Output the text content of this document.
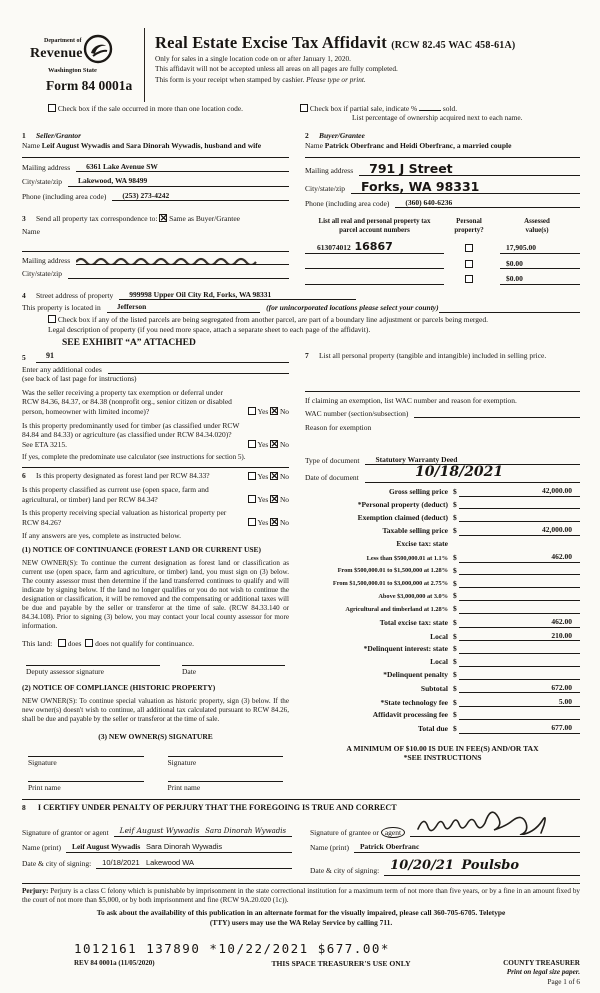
Department of
Revenue
Washington State
Form 84 0001a
Real Estate Excise Tax Affidavit (RCW 82.45 WAC 458-61A)
Only for sales in a single location code on or after January 1, 2020.
This affidavit will not be accepted unless all areas on all pages are fully completed.
This form is your receipt when stamped by cashier. Please type or print.
Check box if the sale occurred in more than one location code.	Check box if partial sale, indicate %	sold.
List percentage of ownership acquired next to each name.
1 Seller/Grantor
Name Leif August Wywadis and Sara Dinorah Wywadis, husband and wife
Mailing address	6361 Lake Avenue SW
City/state/zip	Lakewood, WA 98499
Phone (including area code)	(253) 273-4242
2 Buyer/Grantee
Name Patrick Oberfranc and Heidi Oberfranc, a married couple
Mailing address	791 J Street
City/state/zip	Forks, WA 98331
Phone (including area code)	(360) 640-6236
3 Send all property tax correspondence to: ✕ Same as Buyer/Grantee
Name
Mailing address
City/state/zip
List all real and personal property tax
parcel account numbers
Personal
property?
Assessed
value(s)
613074012 16867	17,905.00
$0.00
$0.00
4	Street address of property	999998 Upper Oil City Rd, Forks, WA 98331
This property is located in	Jefferson	(for unincorporated locations please select your county)
Check box if any of the listed parcels are being segregated from another parcel, are part of a boundary line adjustment or parcels being merged.
Legal description of property (if you need more space, attach a separate sheet to each page of the affidavit).
SEE EXHIBIT “A” ATTACHED
5	91
Enter any additional codes
(see back of last page for instructions)
Was the seller receiving a property tax exemption or deferral under RCW 84.36, 84.37, or 84.38 (nonprofit org., senior citizen or disabled person, homeowner with limited income)?	Yes ✕ No
Is this property predominantly used for timber (as classified under RCW 84.84 and 84.33) or agriculture (as classified under RCW 84.34.020)? See ETA 3215.	Yes ✕ No
If yes, complete the predominate use calculator (see instructions for section 5).
6 Is this property designated as forest land per RCW 84.33?	Yes ✕ No
Is this property classified as current use (open space, farm and agricultural, or timber) land per RCW 84.34?	Yes ✕ No
Is this property receiving special valuation as historical property per RCW 84.26?	Yes ✕ No
If any answers are yes, complete as instructed below.
(1) NOTICE OF CONTINUANCE (FOREST LAND OR CURRENT USE)
NEW OWNER(S): To continue the current designation as forest land or classification as current use (open space, farm and agriculture, or timber) land, you must sign on (3) below. The county assessor must then determine if the land transferred continues to qualify and will indicate by signing below. If the land no longer qualifies or you do not wish to continue the designation or classification, it will be removed and the compensating or additional taxes will be due and payable by the seller or transferor at the time of sale. (RCW 84.33.140 or 84.34.108). Prior to signing (3) below, you may contact your local county assessor for more information.
This land: does does not qualify for continuance.
Deputy assessor signature	Date
(2) NOTICE OF COMPLIANCE (HISTORIC PROPERTY)
NEW OWNER(S): To continue special valuation as historic property, sign (3) below. If the new owner(s) doesn't wish to continue, all additional tax calculated pursuant to RCW 84.26, shall be due and payable by the seller or transferor at the time of sale.
(3) NEW OWNER(S) SIGNATURE
Signature	Signature
Print name	Print name
7	List all personal property (tangible and intangible) included in selling price.
If claiming an exemption, list WAC number and reason for exemption.
WAC number (section/subsection)
Reason for exemption
Type of document	Statutory Warranty Deed
Date of document	10/18/2021
Gross selling price $	42,000.00
*Personal property (deduct) $
Exemption claimed (deduct) $
Taxable selling price $	42,000.00
Excise tax: state
Less than $500,000.01 at 1.1% $	462.00
From $500,000.01 to $1,500,000 at 1.28% $
From $1,500,000.01 to $3,000,000 at 2.75% $
Above $3,000,000 at 3.0% $
Agricultural and timberland at 1.28% $
Total excise tax: state $	462.00
Local $	210.00
*Delinquent interest: state $
Local $
*Delinquent penalty $
Subtotal $	672.00
*State technology fee $	5.00
Affidavit processing fee $
Total due $	677.00
A MINIMUM OF $10.00 IS DUE IN FEE(S) AND/OR TAX
*SEE INSTRUCTIONS
8 I CERTIFY UNDER PENALTY OF PERJURY THAT THE FOREGOING IS TRUE AND CORRECT
Signature of grantor or agent	Leif August Wywadis Sara Dinorah Wywadis
Name (print)	Leif August Wywadis Sara Dinorah Wywadis
Date & city of signing:	10/18/2021 Lakewood WA
Signature of grantee or agent
Name (print)	Patrick Oberfranc
Date & city of signing: 10/20/21 Poulsbo
Perjury: Perjury is a class C felony which is punishable by imprisonment in the state correctional institution for a maximum term of not more than five years, or by a fine in an amount fixed by the court of not more than $5,000, or by both imprisonment and fine (RCW 9A.20.020 (1c)).
To ask about the availability of this publication in an alternate format for the visually impaired, please call 360-705-6705. Teletype
(TTY) users may use the WA Relay Service by calling 711.
1012161 137890 *10/22/2021 $677.00*
REV 84 0001a (11/05/2020)	THIS SPACE TREASURER'S USE ONLY	COUNTY TREASURER
Print on legal size paper.
Page 1 of 6
